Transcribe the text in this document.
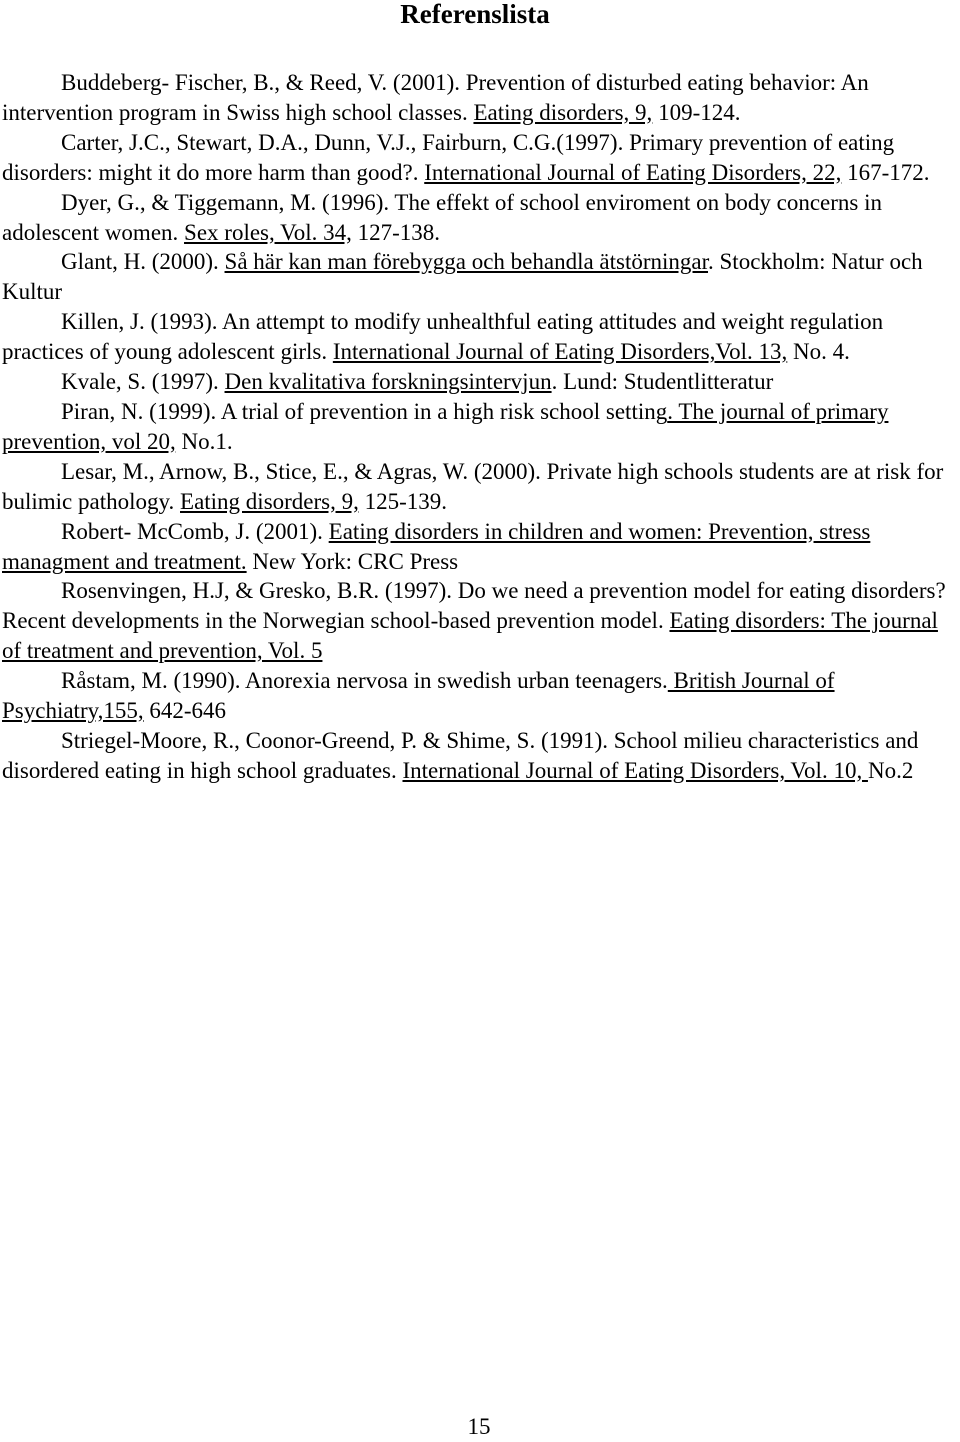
Referenslista

Buddeberg- Fischer, B., & Reed, V. (2001). Prevention of disturbed eating behavior: An intervention program in Swiss high school classes. Eating disorders, 9, 109-124.

Carter, J.C., Stewart, D.A., Dunn, V.J., Fairburn, C.G.(1997). Primary prevention of eating disorders: might it do more harm than good?. International Journal of Eating Disorders, 22, 167-172.

Dyer, G., & Tiggemann, M. (1996). The effekt of school enviroment on body concerns in adolescent women. Sex roles, Vol. 34, 127-138.

Glant, H. (2000). Så här kan man förebygga och behandla ätstörningar. Stockholm: Natur och Kultur

Killen, J. (1993). An attempt to modify unhealthful eating attitudes and weight regulation practices of young adolescent girls. International Journal of Eating Disorders,Vol. 13, No. 4.

Kvale, S. (1997). Den kvalitativa forskningsintervjun. Lund: Studentlitteratur

Piran, N. (1999). A trial of prevention in a high risk school setting. The journal of primary prevention, vol 20, No.1.

Lesar, M., Arnow, B., Stice, E., & Agras, W. (2000). Private high schools students are at risk for bulimic pathology. Eating disorders, 9, 125-139.

Robert- McComb, J. (2001). Eating disorders in children and women: Prevention, stress managment and treatment. New York: CRC Press

Rosenvingen, H.J, & Gresko, B.R. (1997). Do we need a prevention model for eating disorders? Recent developments in the Norwegian school-based prevention model. Eating disorders: The journal of treatment and prevention, Vol. 5

Råstam, M. (1990). Anorexia nervosa in swedish urban teenagers. British Journal of Psychiatry,155, 642-646

Striegel-Moore, R., Coonor-Greend, P. & Shime, S. (1991). School milieu characteristics and disordered eating in high school graduates. International Journal of Eating Disorders, Vol. 10, No.2

15
